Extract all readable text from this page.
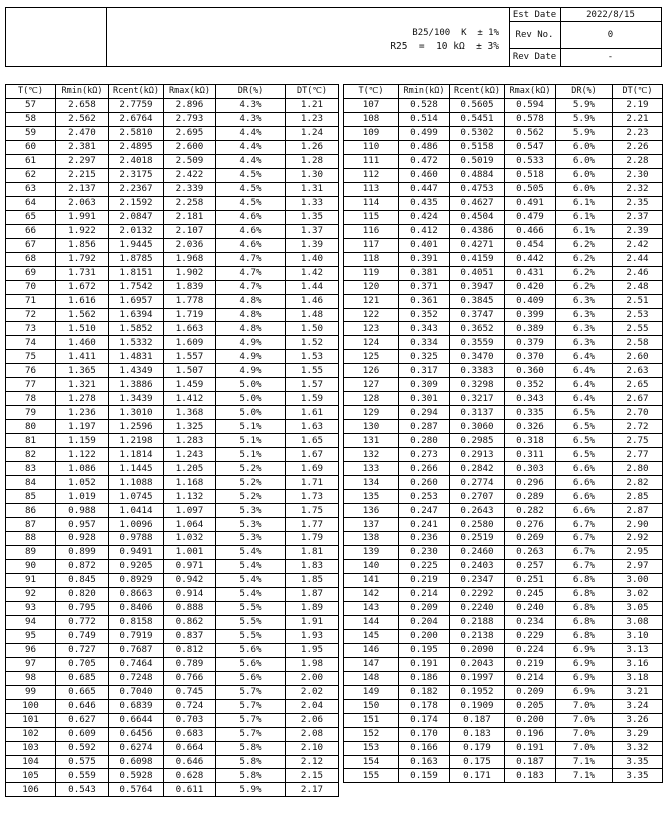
B25/100  K  ± 1%
R25  =  10 kΩ  ± 3%
Est Date	2022/8/15
Rev No.	0
Rev Date	-
T(℃)	Rmin(kΩ)	Rcent(kΩ)	Rmax(kΩ)	DR(%)	DT(℃)
57	2.658	2.7759	2.896	4.3%	1.21
58	2.562	2.6764	2.793	4.3%	1.23
59	2.470	2.5810	2.695	4.4%	1.24
60	2.381	2.4895	2.600	4.4%	1.26
61	2.297	2.4018	2.509	4.4%	1.28
62	2.215	2.3175	2.422	4.5%	1.30
63	2.137	2.2367	2.339	4.5%	1.31
64	2.063	2.1592	2.258	4.5%	1.33
65	1.991	2.0847	2.181	4.6%	1.35
66	1.922	2.0132	2.107	4.6%	1.37
67	1.856	1.9445	2.036	4.6%	1.39
68	1.792	1.8785	1.968	4.7%	1.40
69	1.731	1.8151	1.902	4.7%	1.42
70	1.672	1.7542	1.839	4.7%	1.44
71	1.616	1.6957	1.778	4.8%	1.46
72	1.562	1.6394	1.719	4.8%	1.48
73	1.510	1.5852	1.663	4.8%	1.50
74	1.460	1.5332	1.609	4.9%	1.52
75	1.411	1.4831	1.557	4.9%	1.53
76	1.365	1.4349	1.507	4.9%	1.55
77	1.321	1.3886	1.459	5.0%	1.57
78	1.278	1.3439	1.412	5.0%	1.59
79	1.236	1.3010	1.368	5.0%	1.61
80	1.197	1.2596	1.325	5.1%	1.63
81	1.159	1.2198	1.283	5.1%	1.65
82	1.122	1.1814	1.243	5.1%	1.67
83	1.086	1.1445	1.205	5.2%	1.69
84	1.052	1.1088	1.168	5.2%	1.71
85	1.019	1.0745	1.132	5.2%	1.73
86	0.988	1.0414	1.097	5.3%	1.75
87	0.957	1.0096	1.064	5.3%	1.77
88	0.928	0.9788	1.032	5.3%	1.79
89	0.899	0.9491	1.001	5.4%	1.81
90	0.872	0.9205	0.971	5.4%	1.83
91	0.845	0.8929	0.942	5.4%	1.85
92	0.820	0.8663	0.914	5.4%	1.87
93	0.795	0.8406	0.888	5.5%	1.89
94	0.772	0.8158	0.862	5.5%	1.91
95	0.749	0.7919	0.837	5.5%	1.93
96	0.727	0.7687	0.812	5.6%	1.95
97	0.705	0.7464	0.789	5.6%	1.98
98	0.685	0.7248	0.766	5.6%	2.00
99	0.665	0.7040	0.745	5.7%	2.02
100	0.646	0.6839	0.724	5.7%	2.04
101	0.627	0.6644	0.703	5.7%	2.06
102	0.609	0.6456	0.683	5.7%	2.08
103	0.592	0.6274	0.664	5.8%	2.10
104	0.575	0.6098	0.646	5.8%	2.12
105	0.559	0.5928	0.628	5.8%	2.15
106	0.543	0.5764	0.611	5.9%	2.17
T(℃)	Rmin(kΩ)	Rcent(kΩ)	Rmax(kΩ)	DR(%)	DT(℃)
107	0.528	0.5605	0.594	5.9%	2.19
108	0.514	0.5451	0.578	5.9%	2.21
109	0.499	0.5302	0.562	5.9%	2.23
110	0.486	0.5158	0.547	6.0%	2.26
111	0.472	0.5019	0.533	6.0%	2.28
112	0.460	0.4884	0.518	6.0%	2.30
113	0.447	0.4753	0.505	6.0%	2.32
114	0.435	0.4627	0.491	6.1%	2.35
115	0.424	0.4504	0.479	6.1%	2.37
116	0.412	0.4386	0.466	6.1%	2.39
117	0.401	0.4271	0.454	6.2%	2.42
118	0.391	0.4159	0.442	6.2%	2.44
119	0.381	0.4051	0.431	6.2%	2.46
120	0.371	0.3947	0.420	6.2%	2.48
121	0.361	0.3845	0.409	6.3%	2.51
122	0.352	0.3747	0.399	6.3%	2.53
123	0.343	0.3652	0.389	6.3%	2.55
124	0.334	0.3559	0.379	6.3%	2.58
125	0.325	0.3470	0.370	6.4%	2.60
126	0.317	0.3383	0.360	6.4%	2.63
127	0.309	0.3298	0.352	6.4%	2.65
128	0.301	0.3217	0.343	6.4%	2.67
129	0.294	0.3137	0.335	6.5%	2.70
130	0.287	0.3060	0.326	6.5%	2.72
131	0.280	0.2985	0.318	6.5%	2.75
132	0.273	0.2913	0.311	6.5%	2.77
133	0.266	0.2842	0.303	6.6%	2.80
134	0.260	0.2774	0.296	6.6%	2.82
135	0.253	0.2707	0.289	6.6%	2.85
136	0.247	0.2643	0.282	6.6%	2.87
137	0.241	0.2580	0.276	6.7%	2.90
138	0.236	0.2519	0.269	6.7%	2.92
139	0.230	0.2460	0.263	6.7%	2.95
140	0.225	0.2403	0.257	6.7%	2.97
141	0.219	0.2347	0.251	6.8%	3.00
142	0.214	0.2292	0.245	6.8%	3.02
143	0.209	0.2240	0.240	6.8%	3.05
144	0.204	0.2188	0.234	6.8%	3.08
145	0.200	0.2138	0.229	6.8%	3.10
146	0.195	0.2090	0.224	6.9%	3.13
147	0.191	0.2043	0.219	6.9%	3.16
148	0.186	0.1997	0.214	6.9%	3.18
149	0.182	0.1952	0.209	6.9%	3.21
150	0.178	0.1909	0.205	7.0%	3.24
151	0.174	0.187	0.200	7.0%	3.26
152	0.170	0.183	0.196	7.0%	3.29
153	0.166	0.179	0.191	7.0%	3.32
154	0.163	0.175	0.187	7.1%	3.35
155	0.159	0.171	0.183	7.1%	3.35
